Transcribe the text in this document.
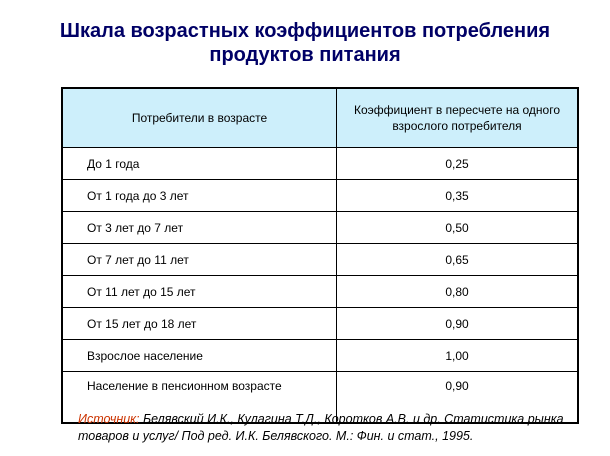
Шкала возрастных коэффициентов потребления продуктов питания
Потребители в возрасте	Коэффициент в пересчете на одного взрослого потребителя
До 1 года	0,25
От 1 года до 3 лет	0,35
От 3 лет до 7 лет	0,50
От 7 лет до 11 лет	0,65
От 11 лет до 15 лет	0,80
От 15 лет до 18 лет	0,90
Взрослое население	1,00
Население в пенсионном возрасте	0,90
Источник: Белявский И.К., Кулагина Т.Д., Коротков А.В. и др. Статистика рынка товаров и услуг/ Под ред. И.К. Белявского. М.: Фин. и стат., 1995.
